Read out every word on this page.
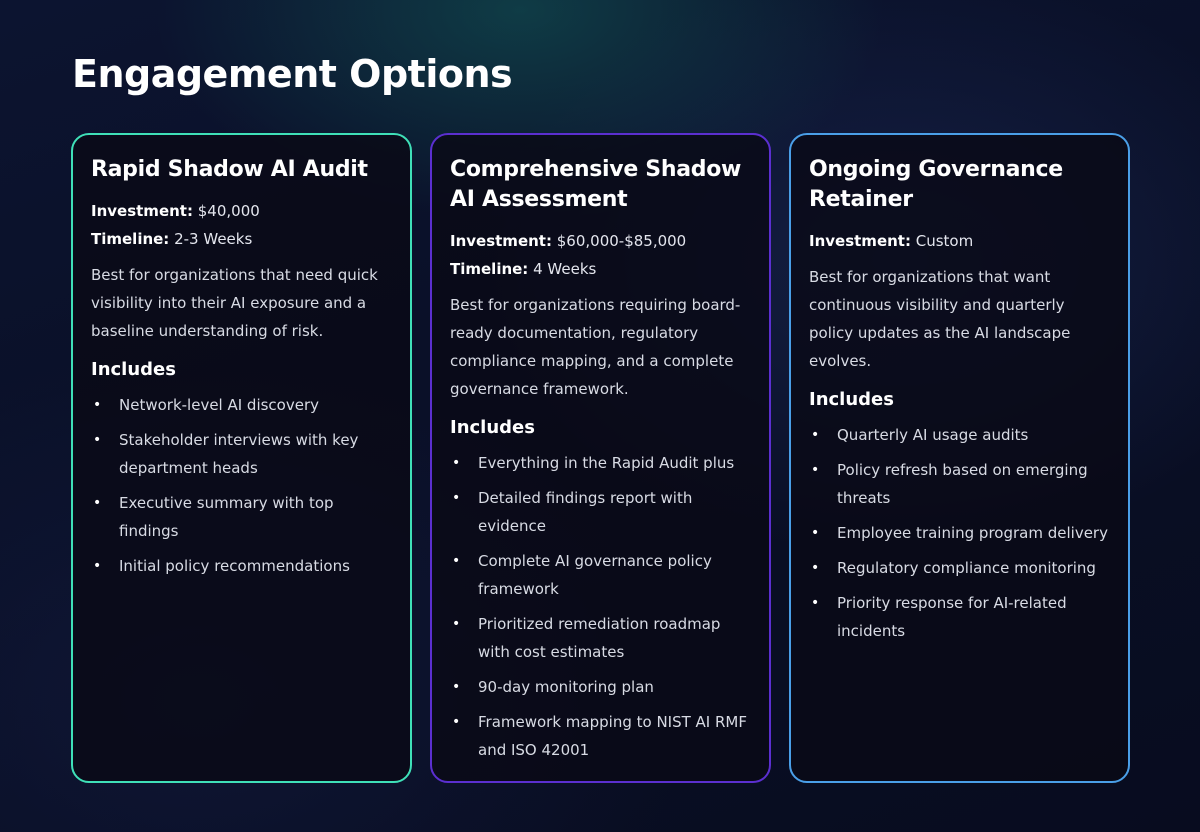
Engagement Options
Rapid Shadow AI Audit
Investment: $40,000
Timeline: 2-3 Weeks
Best for organizations that need quick visibility into their AI exposure and a baseline understanding of risk.
Includes
• Network-level AI discovery
• Stakeholder interviews with key department heads
• Executive summary with top findings
• Initial policy recommendations
Comprehensive Shadow AI Assessment
Investment: $60,000-$85,000
Timeline: 4 Weeks
Best for organizations requiring board-ready documentation, regulatory compliance mapping, and a complete governance framework.
Includes
• Everything in the Rapid Audit plus
• Detailed findings report with evidence
• Complete AI governance policy framework
• Prioritized remediation roadmap with cost estimates
• 90-day monitoring plan
• Framework mapping to NIST AI RMF and ISO 42001
Ongoing Governance Retainer
Investment: Custom
Best for organizations that want continuous visibility and quarterly policy updates as the AI landscape evolves.
Includes
• Quarterly AI usage audits
• Policy refresh based on emerging threats
• Employee training program delivery
• Regulatory compliance monitoring
• Priority response for AI-related incidents
